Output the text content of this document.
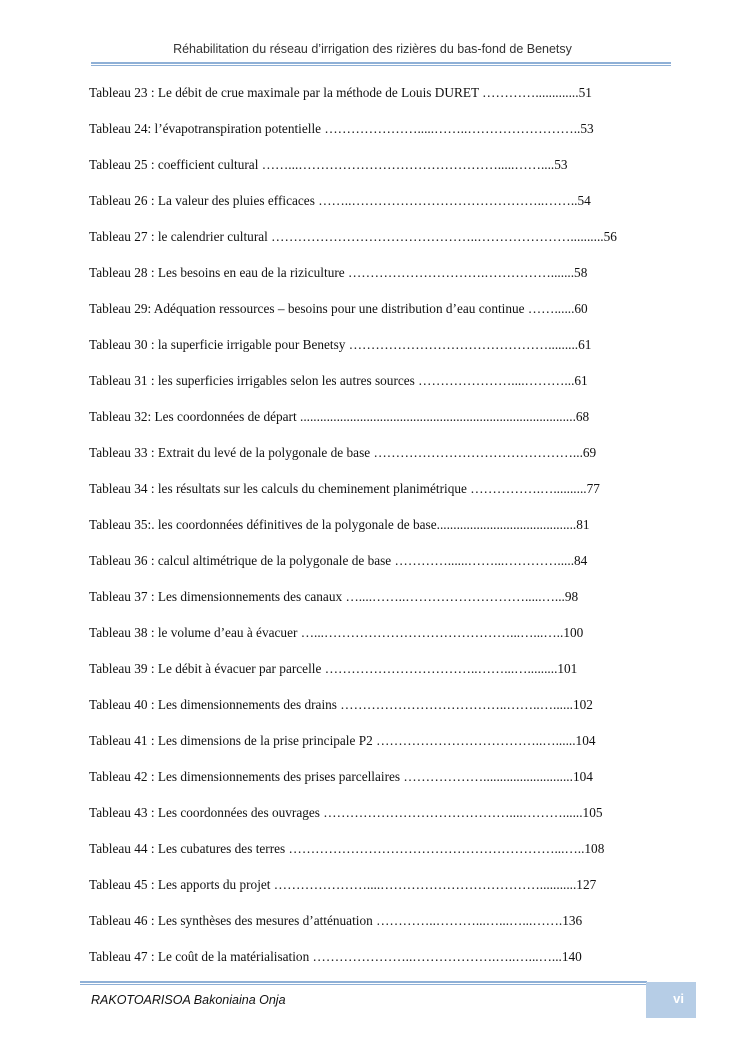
Réhabilitation du réseau d’irrigation des rizières du bas-fond de Benetsy
Tableau 23 : Le débit de crue maximale par la méthode de Louis DURET ………….............51
Tableau 24: l’évapotranspiration potentielle ………………….....……..……………………..53
Tableau 25 : coefficient cultural ……...……………………………………….....……....53
Tableau 26 : La valeur des pluies efficaces ……..……………………………………..……..54
Tableau 27 : le calendrier cultural ………………………………………..…………………..........56
Tableau 28 : Les besoins en eau de la riziculture ………………………….…………….......58
Tableau 29: Adéquation ressources – besoins pour une distribution d’eau continue ……......60
Tableau 30 : la superficie irrigable pour Benetsy ……………………………………….........61
Tableau 31 : les superficies irrigables selon les autres sources …………………....………...61
Tableau 32: Les coordonnées de départ ...................................................................................68
Tableau 33 : Extrait du levé de la polygonale de base ………………………………………...69
Tableau 34 : les résultats sur les calculs du cheminement planimétrique …………….…..........77
Tableau 35:. les coordonnées définitives de la polygonale de base..........................................81
Tableau 36 : calcul altimétrique de la polygonale de base …………......……...………….....84
Tableau 37 : Les dimensionnements des canaux …....……..……………………….....…...98
Tableau 38 : le volume d’eau à évacuer …...……………………………………...…...…..100
Tableau 39 : Le débit à évacuer par parcelle ……………………………..……...….........101
Tableau 40 : Les dimensionnements des drains ………………………………..……..…......102
Tableau 41 : Les dimensions de la prise principale P2 ………………………………..…......104
Tableau 42 : Les dimensionnements des prises parcellaires ………………...........................104
Tableau 43 : Les coordonnées des ouvrages ……………………………………....………......105
Tableau 44 : Les cubatures des terres ……………………………………………………...…..108
Tableau 45 : Les apports du projet …………………....………………………………...........127
Tableau 46 : Les synthèses des mesures d’atténuation …………..………...…...…...…….136
Tableau 47 : Le coût de la matérialisation …………………..……………….…..…...…...140
RAKOTOARISOA Bakoniaina Onja	vi
